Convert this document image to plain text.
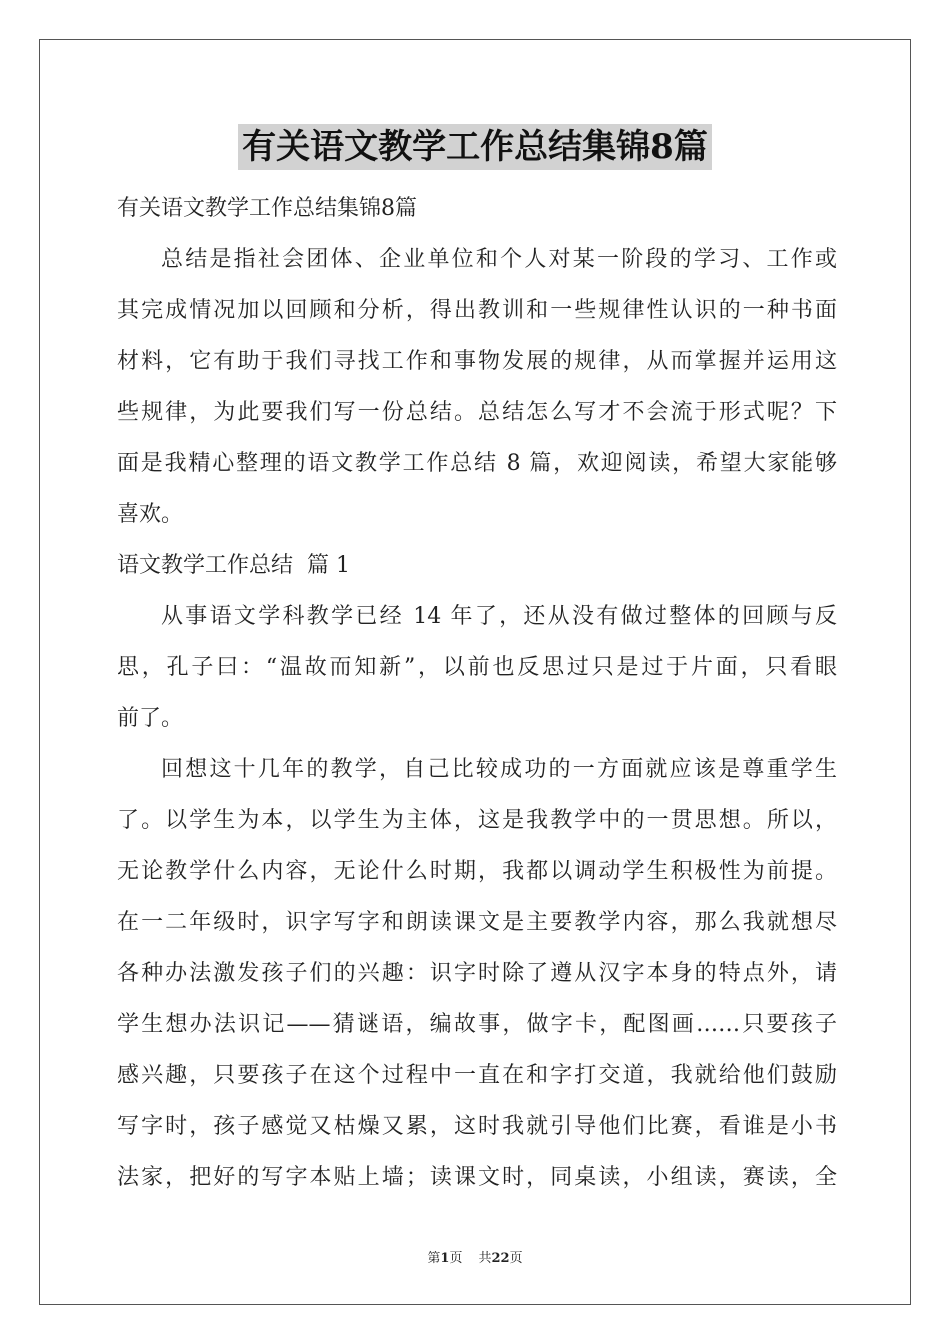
有关语文教学工作总结集锦8篇
有关语文教学工作总结集锦8篇
总结是指社会团体、企业单位和个人对某一阶段的学习、工作或
其完成情况加以回顾和分析，得出教训和一些规律性认识的一种书面
材料，它有助于我们寻找工作和事物发展的规律，从而掌握并运用这
些规律，为此要我们写一份总结。总结怎么写才不会流于形式呢？下
面是我精心整理的语文教学工作总结 8 篇，欢迎阅读，希望大家能够
喜欢。
语文教学工作总结  篇 1
从事语文学科教学已经 14 年了，还从没有做过整体的回顾与反
思，孔子曰：“温故而知新”，以前也反思过只是过于片面，只看眼
前了。
回想这十几年的教学，自己比较成功的一方面就应该是尊重学生
了。以学生为本，以学生为主体，这是我教学中的一贯思想。所以，
无论教学什么内容，无论什么时期，我都以调动学生积极性为前提。
在一二年级时，识字写字和朗读课文是主要教学内容，那么我就想尽
各种办法激发孩子们的兴趣：识字时除了遵从汉字本身的特点外，请
学生想办法识记——猜谜语，编故事，做字卡，配图画……只要孩子
感兴趣，只要孩子在这个过程中一直在和字打交道，我就给他们鼓励
写字时，孩子感觉又枯燥又累，这时我就引导他们比赛，看谁是小书
法家，把好的写字本贴上墙；读课文时，同桌读，小组读，赛读，全
第1页 共22页
